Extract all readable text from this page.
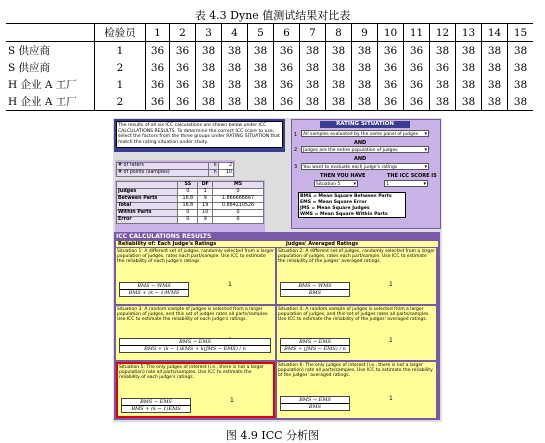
表 4.3 Dyne 值测试结果对比表
	检验员	1	2	3	4	5	6	7	8	9	10	11	12	13	14	15
S 供应商	1	36	36	38	38	38	36	38	38	38	36	36	38	38	38	38
S 供应商	2	36	36	38	38	38	36	38	38	38	36	36	36	38	38	38
H 企业 A 工厂	1	36	36	38	38	38	36	38	38	38	36	36	38	38	38	38
H 企业 A 工厂	2	36	36	38	38	38	36	38	38	38	36	36	38	38	38	38
The results of all six ICC calculations are shown below under ICC CALCULATIONS RESULTS. To determine the correct ICC score to use, select the factors from the three groups under RATING SITUATION that match the rating situation under study.
# of raters	k	2
# of points (samples)	n	10
	SS	DF	MS
Judges	0	1	0
Between Parts	16.8	9	1.866666667
Total	16.8	19	0.884210526
Within Parts	0	10	0
Error	0	9	0
RATING SITUATION
1	All samples evaluated by the same panel of judges ▾
AND
2	Judges are the entire population of judges ▾
AND
3	You want to evaluate each judge's ratings ▾
THEN YOU HAVE	THE ICC SCORE IS
Situation 5 ▾	1 ▾
BMS = Mean Square Between Parts
EMS = Mean Square Error
JMS = Mean Square Judges
WMS = Mean Square Within Parts
ICC CALCULATIONS RESULTS
Reliability of: Each Judge's Ratings	Judges' Averaged Ratings
Situation 1: A different set of judges, randomly selected from a larger population of judges, rates each part/sample. Use ICC to estimate the reliability of each judge's ratings.
1
BMS − WMS
BMS + (k − 1)WMS
Situation 2: A different set of judges, randomly selected from a larger population of judges, rates each part/sample. Use ICC to estimate the reliability of the judges' averaged ratings.
1
BMS − WMS
BMS
Situation 3: A random sample of judges is selected from a larger population of judges, and this set of judges rates all parts/samples. Use ICC to estimate the reliability of each judge's ratings.
BMS − EMS
BMS + (k − 1)EMS + k(JMS − EMS) / n
Situation 4: A random sample of judges is selected from a larger population of judges, and this set of judges rates all parts/samples. Use ICC to estimate the reliability of the judges' averaged ratings.
1
BMS − EMS
BMS + (JMS − EMS) / n
Situation 5: The only judges of interest (i.e., there is not a larger population) rate all parts/samples. Use ICC to estimate the reliability of each judge's ratings.
1
BMS − EMS
BMS + (k − 1)EMS
Situation 6: The only judges of interest (i.e., there is not a larger population) rate all parts/samples. Use ICC to estimate the reliability of the judges' averaged ratings.
1
BMS − EMS
BMS
图 4.9 ICC 分析图
